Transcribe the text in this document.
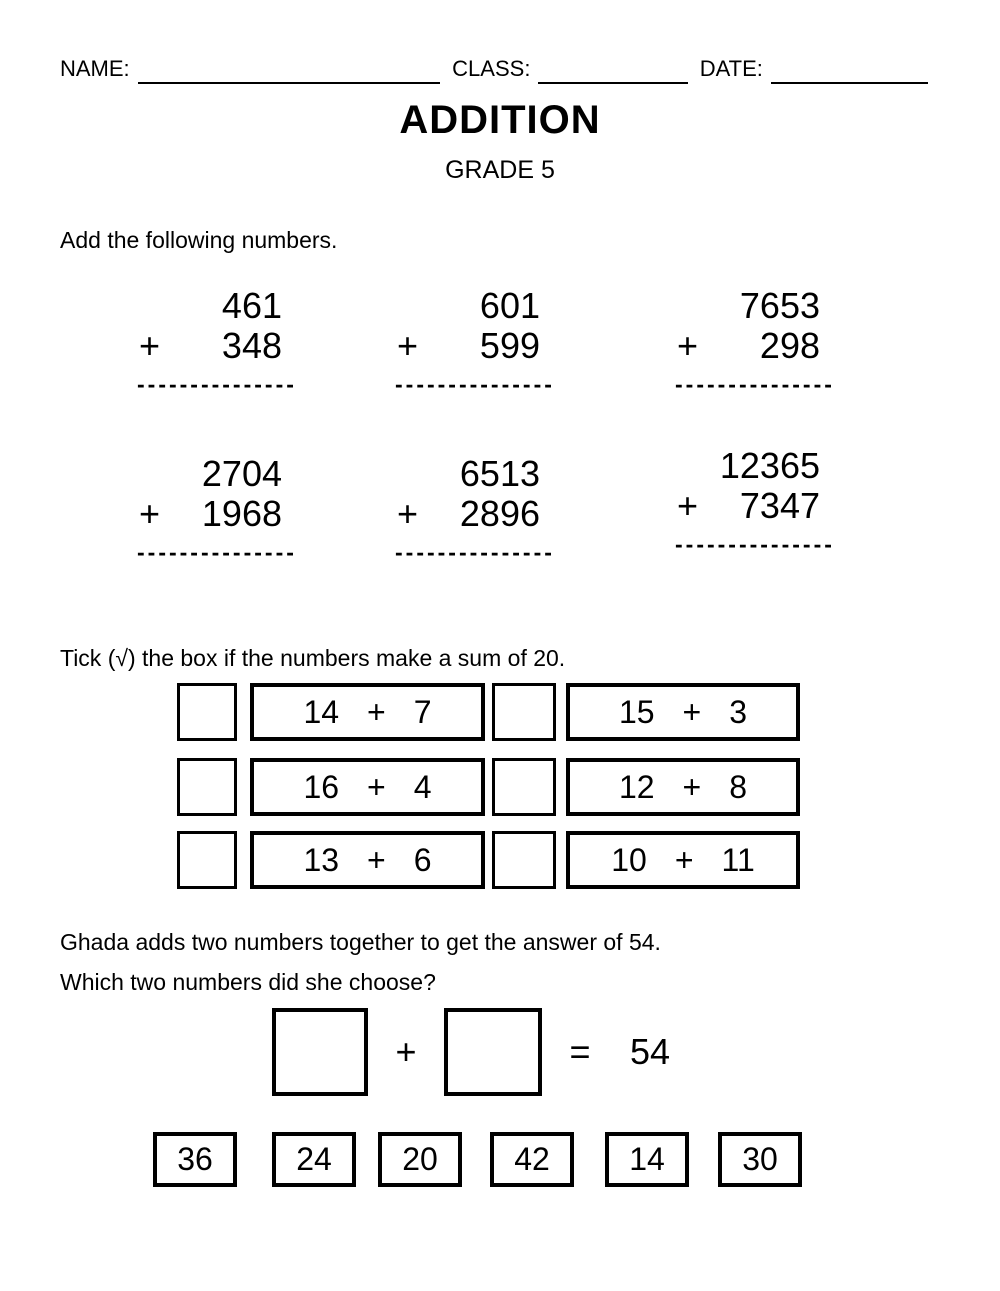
NAME:	CLASS:	DATE:
ADDITION
GRADE 5
Add the following numbers.
461
+ 348
---------------
601
+ 599
---------------
7653
+ 298
---------------
2704
+ 1968
---------------
6513
+ 2896
---------------
12365
+ 7347
---------------
Tick (√) the box if the numbers make a sum of 20.
14 + 7	15 + 3
16 + 4	12 + 8
13 + 6	10 + 11
Ghada adds two numbers together to get the answer of 54.
Which two numbers did she choose?
+	=	54
36	24 20 42 14 30
